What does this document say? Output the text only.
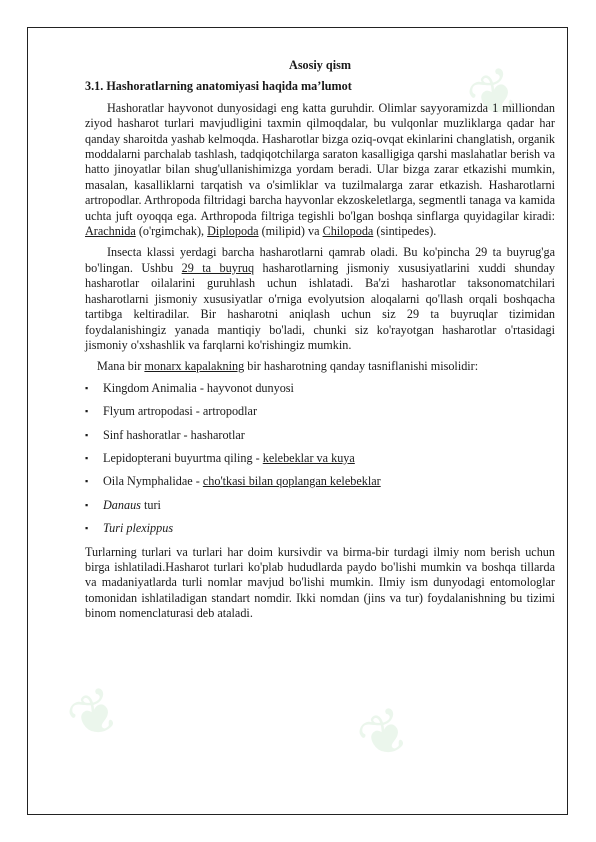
❦	❦
❦
Asosiy qism
3.1. Hashoratlarning anatomiyasi haqida ma’lumot

Hashoratlar hayvonot dunyosidagi eng katta guruhdir. Olimlar sayyoramizda 1 milliondan ziyod hasharot turlari mavjudligini taxmin qilmoqdalar, bu vulqonlar muzliklarga qadar har qanday sharoitda yashab kelmoqda. Hasharotlar bizga oziq-ovqat ekinlarini changlatish, organik moddalarni parchalab tashlash, tadqiqotchilarga saraton kasalligiga qarshi maslahatlar berish va hatto jinoyatlar bilan shug'ullanishimizga yordam beradi. Ular bizga zarar etkazishi mumkin, masalan, kasalliklarni tarqatish va o'simliklar va tuzilmalarga zarar etkazish. Hasharotlarni artropodlar. Arthropoda filtridagi barcha hayvonlar ekzoskeletlarga, segmentli tanaga va kamida uchta juft oyoqqa ega. Arthropoda filtriga tegishli bo'lgan boshqa sinflarga quyidagilar kiradi: Arachnida (o'rgimchak), Diplopoda (milipid) va Chilopoda (sintipedes).

Insecta klassi yerdagi barcha hasharotlarni qamrab oladi. Bu ko'pincha 29 ta buyrug'ga bo'lingan. Ushbu 29 ta buyruq hasharotlarning jismoniy xususiyatlarini xuddi shunday hasharotlar oilalarini guruhlash uchun ishlatadi. Ba'zi hasharotlar taksonomatchilari hasharotlarni jismoniy xususiyatlar o'rniga evolyutsion aloqalarni qo'llash orqali boshqacha tartibga keltiradilar. Bir hasharotni aniqlash uchun siz 29 ta buyruqlar tizimidan foydalanishingiz yanada mantiqiy bo'ladi, chunki siz ko'rayotgan hasharotlar o'rtasidagi jismoniy o'xshashlik va farqlarni ko'rishingiz mumkin.

Mana bir monarx kapalakning bir hasharotning qanday tasniflanishi misolidir:

▪ Kingdom Animalia - hayvonot dunyosi
▪ Flyum artropodasi - artropodlar
▪ Sinf hashoratlar - hasharotlar
▪ Lepidopterani buyurtma qiling - kelebeklar va kuya
▪ Oila Nymphalidae - cho'tkasi bilan qoplangan kelebeklar
▪ Danaus turi
▪ Turi plexippus

Turlarning turlari va turlari har doim kursivdir va birma-bir turdagi ilmiy nom berish uchun birga ishlatiladi.Hasharot turlari ko'plab hududlarda paydo bo'lishi mumkin va boshqa tillarda va madaniyatlarda turli nomlar mavjud bo'lishi mumkin. Ilmiy ism dunyodagi entomologlar tomonidan ishlatiladigan standart nomdir. Ikki nomdan (jins va tur) foydalanishning bu tizimi binom nomenclaturasi deb ataladi.
